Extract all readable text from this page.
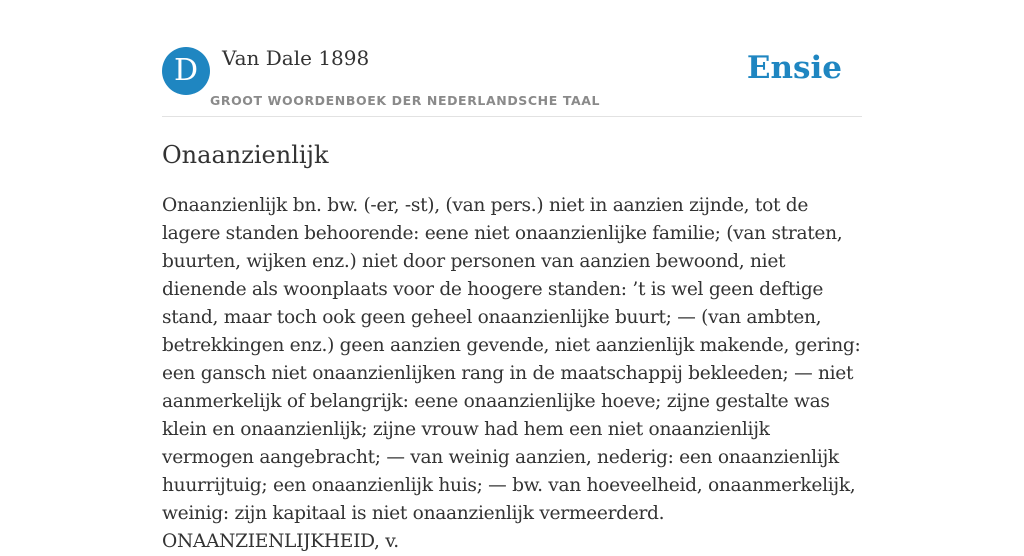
D	Van Dale 1898
GROOT WOORDENBOEK DER NEDERLANDSCHE TAAL
Ensie
Onaanzienlijk

Onaanzienlijk bn. bw. (-er, -st), (van pers.) niet in aanzien zijnde, tot de lagere standen behoorende: eene niet onaanzienlijke familie; (van straten, buurten, wijken enz.) niet door personen van aanzien bewoond, niet dienende als woonplaats voor de hoogere standen: ’t is wel geen deftige stand, maar toch ook geen geheel onaanzienlijke buurt; — (van ambten, betrekkingen enz.) geen aanzien gevende, niet aanzienlijk makende, gering: een gansch niet onaanzienlijken rang in de maatschappij bekleeden; — niet aanmerkelijk of belangrijk: eene onaanzienlijke hoeve; zijne gestalte was klein en onaanzienlijk; zijne vrouw had hem een niet onaanzienlijk vermogen aangebracht; — van weinig aanzien, nederig: een onaanzienlijk huurrijtuig; een onaanzienlijk huis; — bw. van hoeveelheid, onaanmerkelijk, weinig: zijn kapitaal is niet onaanzienlijk vermeerderd. ONAANZIENLIJKHEID, v.
